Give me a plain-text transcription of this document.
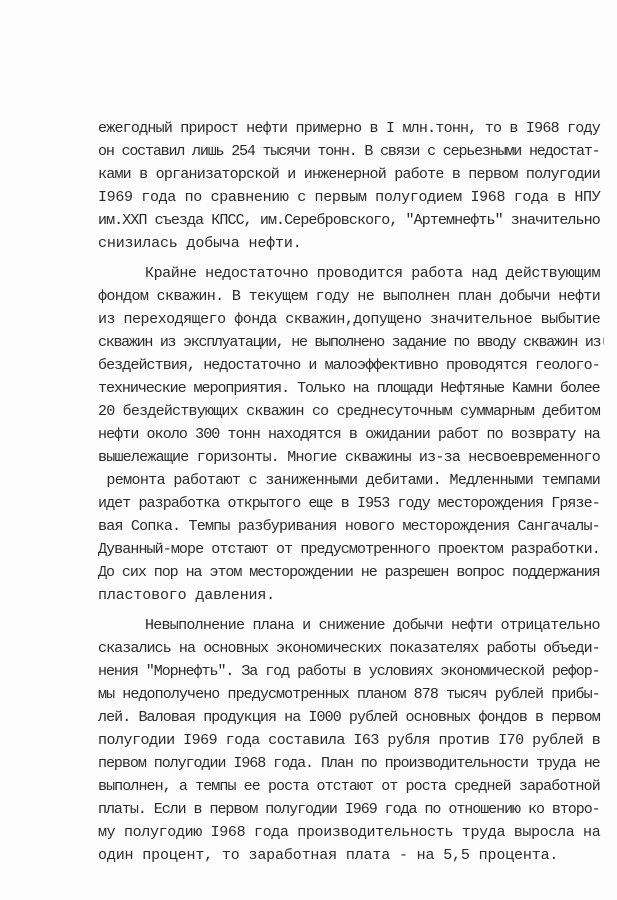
ежегодный прирост нефти примерно в I млн.тонн, то в I968 году
он составил лишь 254 тысячи тонн. В связи с серьезными недостат-
ками в организаторской и инженерной работе в первом полугодии
I969 года по сравнению с первым полугодием I968 года в НПУ
им.XXП съезда КПСС, им.Серебровского, "Артемнефть" значительно
снизилась добыча нефти.
Крайне недостаточно проводится работа над действующим
фондом скважин. В текущем году не выполнен план добычи нефти
из переходящего фонда скважин,допущено значительное выбытие
скважин из эксплуатации, не выполнено задание по вводу скважин из
бездействия, недостаточно и малоэффективно проводятся геолого-
технические мероприятия. Только на площади Нефтяные Камни более
20 бездействующих скважин со среднесуточным суммарным дебитом
нефти около 300 тонн находятся в ожидании работ по возврату на
вышележащие горизонты. Многие скважины из-за несвоевременного
ремонта работают с заниженными дебитами. Медленными темпами
идет разработка открытого еще в I953 году месторождения Грязе-
вая Сопка. Темпы разбуривания нового месторождения Сангачалы-
Дуванный-море отстают от предусмотренного проектом разработки.
До сих пор на этом месторождении не разрешен вопрос поддержания
пластового давления.
Невыполнение плана и снижение добычи нефти отрицательно
сказались на основных экономических показателях работы объеди-
нения "Морнефть". За год работы в условиях экономической рефор-
мы недополучено предусмотренных планом 878 тысяч рублей прибы-
лей. Валовая продукция на I000 рублей основных фондов в первом
полугодии I969 года составила I63 рубля против I70 рублей в
первом полугодии I968 года. План по производительности труда не
выполнен, а темпы ее роста отстают от роста средней заработной
платы. Если в первом полугодии I969 года по отношению ко второ-
му полугодию I968 года производительность труда выросла на
один процент, то заработная плата - на 5,5 процента.
